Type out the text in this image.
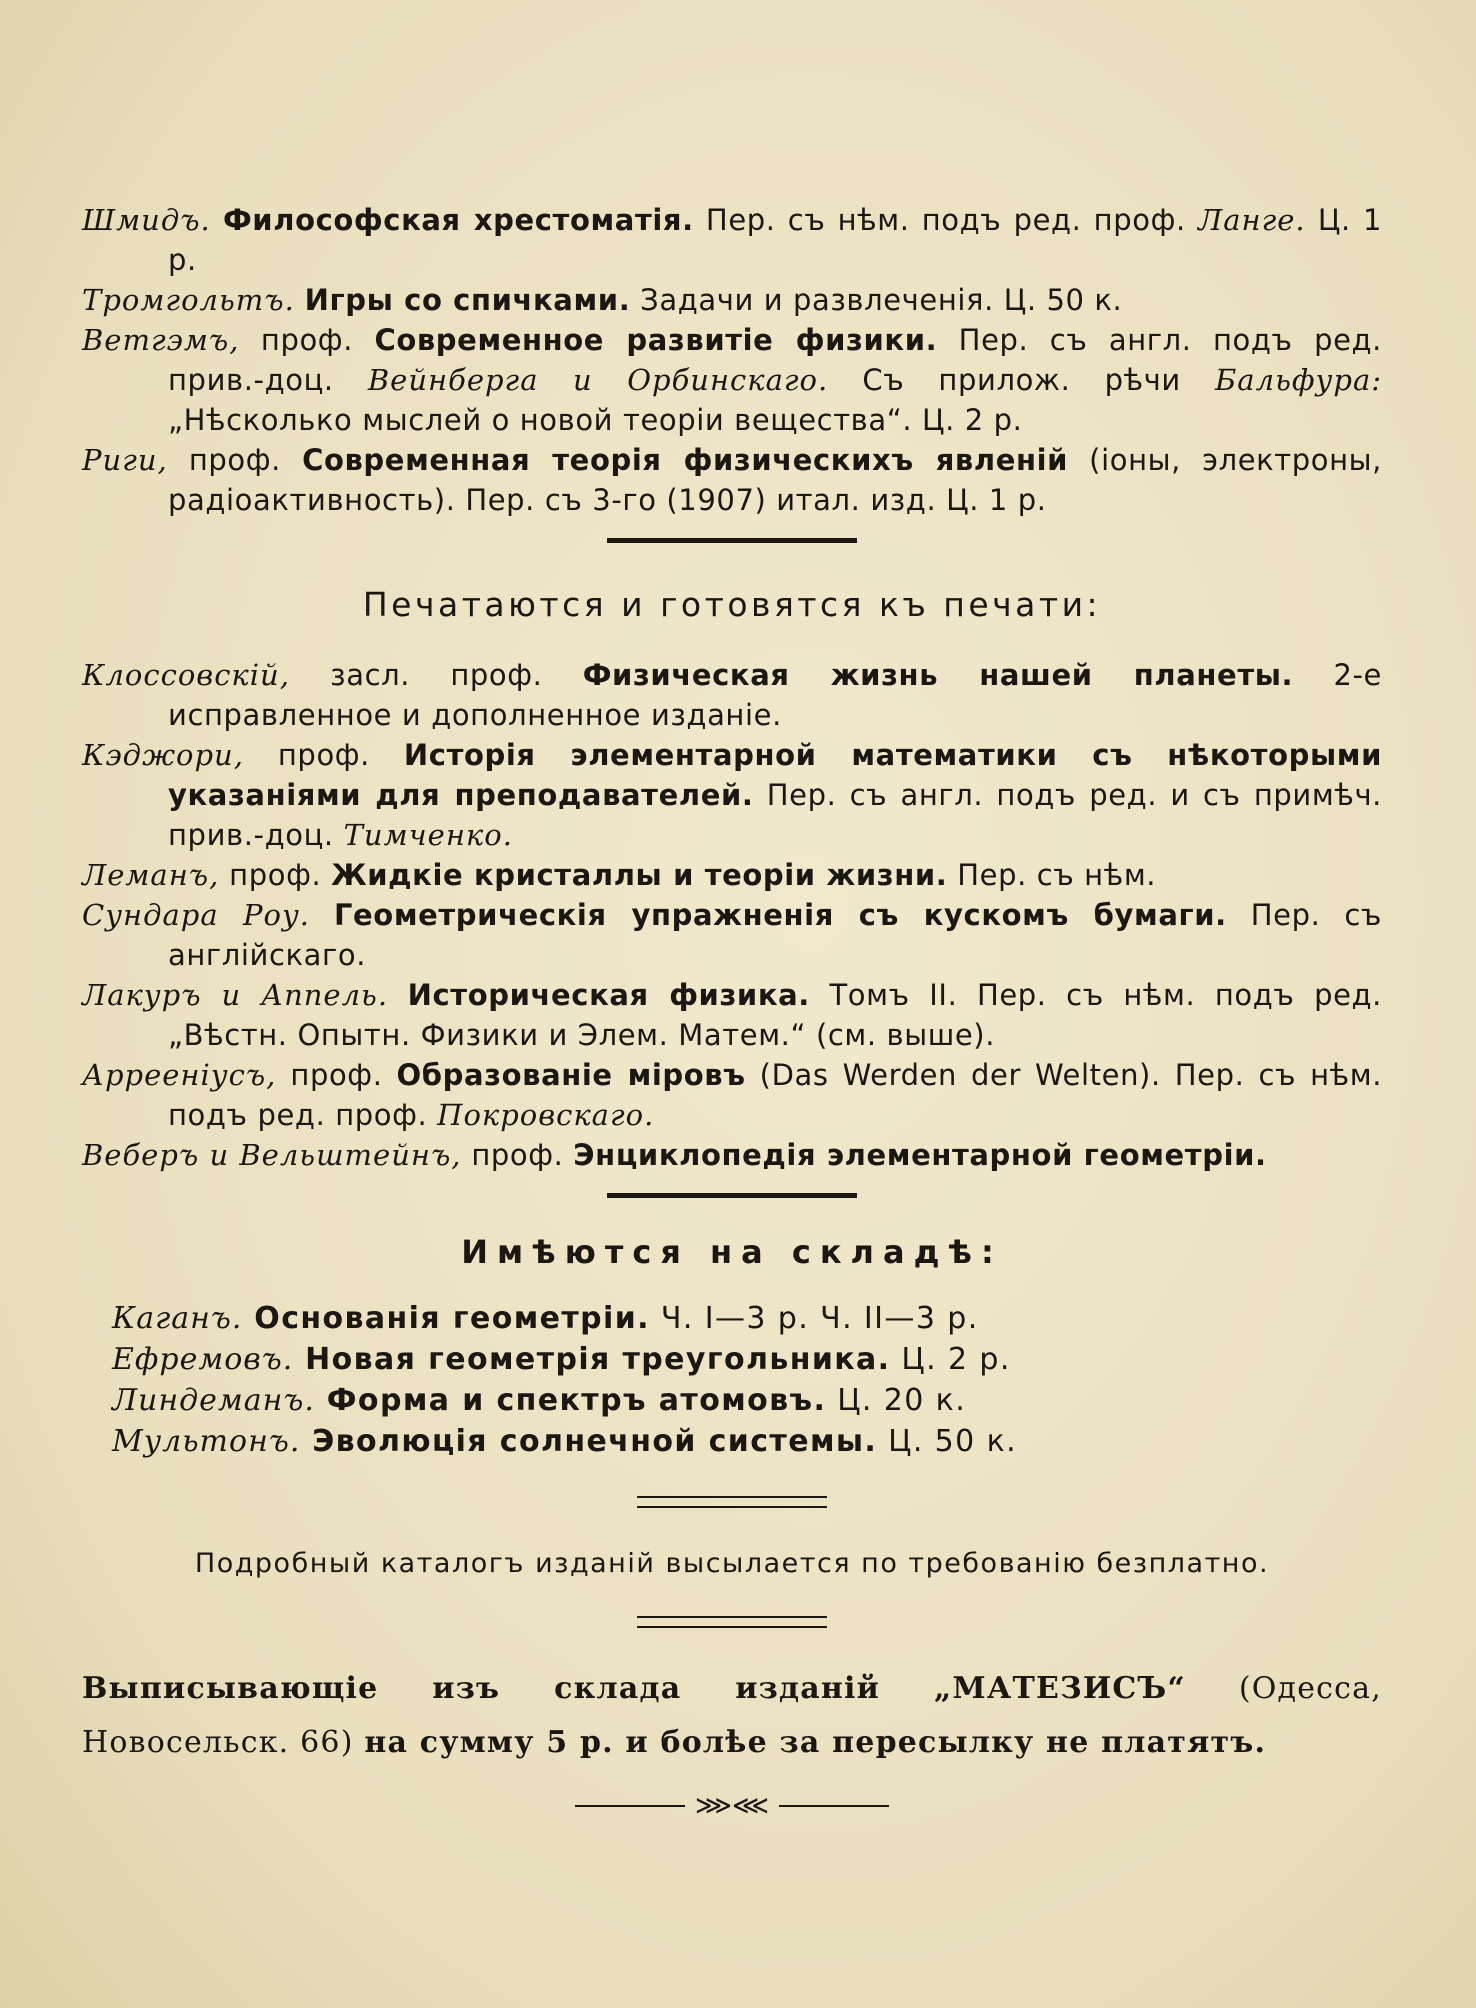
Шмидъ. Философская хрестоматія. Пер. съ нѣм. подъ ред. проф. Ланге. Ц. 1 р.
Тромгольтъ. Игры со спичками. Задачи и развлеченія. Ц. 50 к.
Ветгэмъ, проф. Современное развитіе физики. Пер. съ англ. подъ ред. прив.-доц. Вейнберга и Орбинскаго. Съ прилож. рѣчи Бальфура: „Нѣсколько мыслей о новой теоріи вещества“. Ц. 2 р.
Риги, проф. Современная теорія физическихъ явленій (іоны, электроны, радіоактивность). Пер. съ 3-го (1907) итал. изд. Ц. 1 р.
Печатаются и готовятся къ печати:
Клоссовскій, засл. проф. Физическая жизнь нашей планеты. 2-е исправленное и дополненное изданіе.
Кэджори, проф. Исторія элементарной математики съ нѣкоторыми указаніями для преподавателей. Пер. съ англ. подъ ред. и съ примѣч. прив.-доц. Тимченко.
Леманъ, проф. Жидкіе кристаллы и теоріи жизни. Пер. съ нѣм.
Сундара Роу. Геометрическія упражненія съ кускомъ бумаги. Пер. съ англійскаго.
Лакуръ и Аппель. Историческая физика. Томъ II. Пер. съ нѣм. подъ ред. „Вѣстн. Опытн. Физики и Элем. Матем.“ (см. выше).
Аррееніусъ, проф. Образованіе міровъ (Das Werden der Welten). Пер. съ нѣм. подъ ред. проф. Покровскаго.
Веберъ и Вельштейнъ, проф. Энциклопедія элементарной геометріи.
Имѣются на складѣ:
Каганъ. Основанія геометріи. Ч. I—3 р. Ч. II—3 р.
Ефремовъ. Новая геометрія треугольника. Ц. 2 р.
Линдеманъ. Форма и спектръ атомовъ. Ц. 20 к.
Мультонъ. Эволюція солнечной системы. Ц. 50 к.
Подробный каталогъ изданій высылается по требованію безплатно.
Выписывающіе изъ склада изданій „МАТЕЗИСЪ“ (Одесса, Новосельск. 66) на сумму 5 р. и болѣе за пересылку не платятъ.
⋙⋘
